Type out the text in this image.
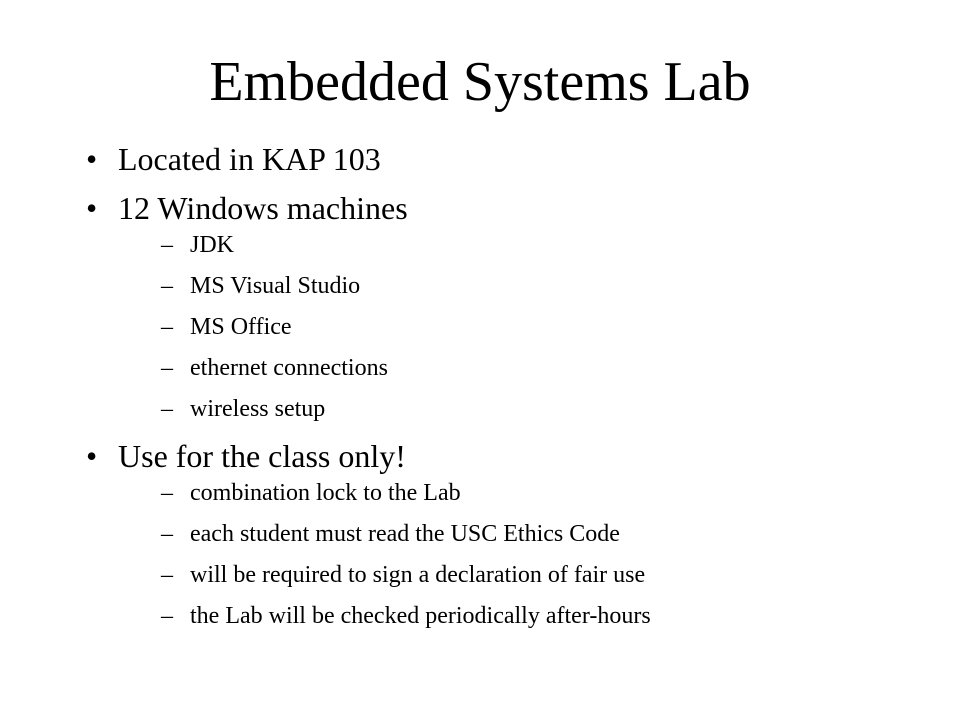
Embedded Systems Lab
• Located in KAP 103
• 12 Windows machines
– JDK
– MS Visual Studio
– MS Office
– ethernet connections
– wireless setup
• Use for the class only!
– combination lock to the Lab
– each student must read the USC Ethics Code
– will be required to sign a declaration of fair use
– the Lab will be checked periodically after-hours
